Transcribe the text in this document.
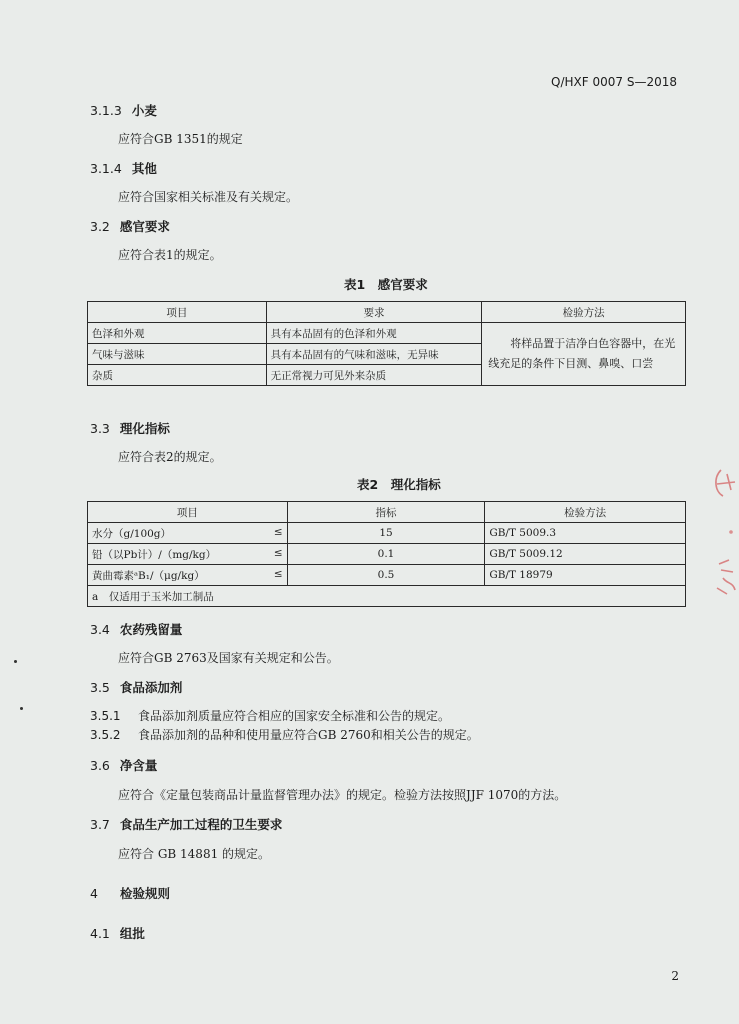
Q/HXF 0007 S—2018
3.1.3 小麦
应符合GB 1351的规定
3.1.4 其他
应符合国家相关标准及有关规定。
3.2 感官要求
应符合表1的规定。
表1　感官要求
项目	要求	检验方法
色泽和外观	具有本品固有的色泽和外观	将样品置于洁净白色容器中，在光线充足的条件下目测、鼻嗅、口尝

气味与滋味	具有本品固有的气味和滋味，无异味	
杂质	无正常视力可见外来杂质	
3.3 理化指标
应符合表2的规定。
表2　理化指标
项目	指标	检验方法
水分（g/100g） ≤	15	GB/T 5009.3
铅（以Pb计）/（mg/kg） ≤	0.1	GB/T 5009.12
黄曲霉素ᵃB₁/（μg/kg） ≤	0.5	GB/T 18979
a　仅适用于玉米加工制品		
3.4 农药残留量
应符合GB 2763及国家有关规定和公告。
3.5 食品添加剂
3.5.1 食品添加剂质量应符合相应的国家安全标准和公告的规定。
3.5.2 食品添加剂的品种和使用量应符合GB 2760和相关公告的规定。
3.6 净含量
应符合《定量包装商品计量监督管理办法》的规定。检验方法按照JJF 1070的方法。
3.7 食品生产加工过程的卫生要求
应符合 GB 14881 的规定。
4 检验规则
4.1 组批
2
